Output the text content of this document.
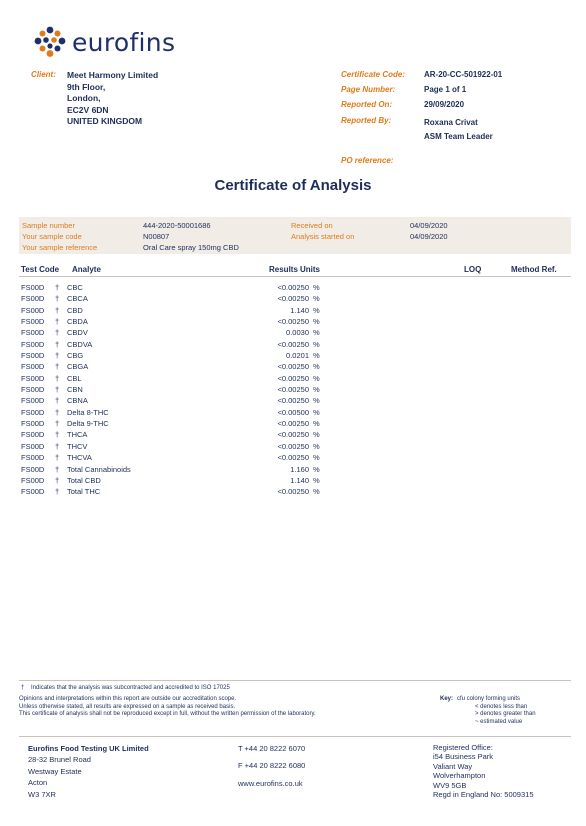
eurofins
Client: Meet Harmony Limited
9th Floor,
London,
EC2V 6DN
UNITED KINGDOM
Certificate Code:	AR-20-CC-501922-01
Page Number:	Page 1 of 1
Reported On:	29/09/2020
Reported By:	Roxana Crivat
ASM Team Leader
PO reference:
Certificate of Analysis
Sample number	444-2020-50001686	Received on	04/09/2020
Your sample code	N00807	Analysis started on	04/09/2020
Your sample reference	Oral Care spray 150mg CBD
Test Code Analyte	Results Units	LOQ	Method Ref.
FS00D † CBC	<0.00250 %
FS00D † CBCA	<0.00250 %
FS00D † CBD	1.140 %
FS00D † CBDA	<0.00250 %
FS00D † CBDV	0.0030 %
FS00D † CBDVA	<0.00250 %
FS00D † CBG	0.0201 %
FS00D † CBGA	<0.00250 %
FS00D † CBL	<0.00250 %
FS00D † CBN	<0.00250 %
FS00D † CBNA	<0.00250 %
FS00D † Delta 8-THC	<0.00500 %
FS00D † Delta 9-THC	<0.00250 %
FS00D † THCA	<0.00250 %
FS00D † THCV	<0.00250 %
FS00D † THCVA	<0.00250 %
FS00D † Total Cannabinoids	1.160 %
FS00D † Total CBD	1.140 %
FS00D † Total THC	<0.00250 %
† Indicates that the analysis was subcontracted and accredited to ISO 17025
Opinions and interpretations within this report are outside our accreditation scope.
Unless otherwise stated, all results are expressed on a sample as received basis.
This certificate of analysis shall not be reproduced except in full, without the written permission of the laboratory.
Key: cfu colony forming units
< denotes less than
> denotes greater than
~ estimated value
Eurofins Food Testing UK Limited
28-32 Brunel Road
Westway Estate
Acton
W3 7XR
T +44 20 8222 6070
F +44 20 8222 6080
www.eurofins.co.uk
Registered Office:
i54 Business Park
Valiant Way
Wolverhampton
WV9 5GB
Regd in England No: 5009315
